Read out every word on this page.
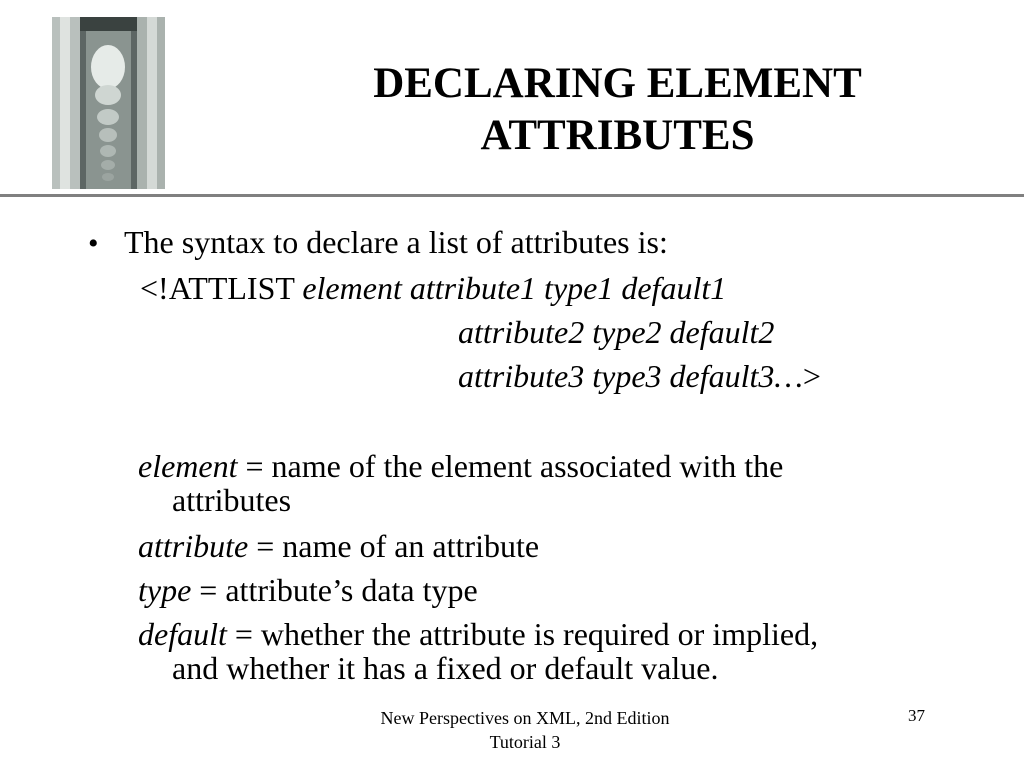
DECLARING ELEMENT
ATTRIBUTES
• The syntax to declare a list of attributes is:
<!ATTLIST element attribute1 type1 default1
attribute2 type2 default2
attribute3 type3 default3…>
element = name of the element associated with the
attributes
attribute = name of an attribute
type = attribute’s data type
default = whether the attribute is required or implied,
and whether it has a fixed or default value.
New Perspectives on XML, 2nd Edition
Tutorial 3
37
